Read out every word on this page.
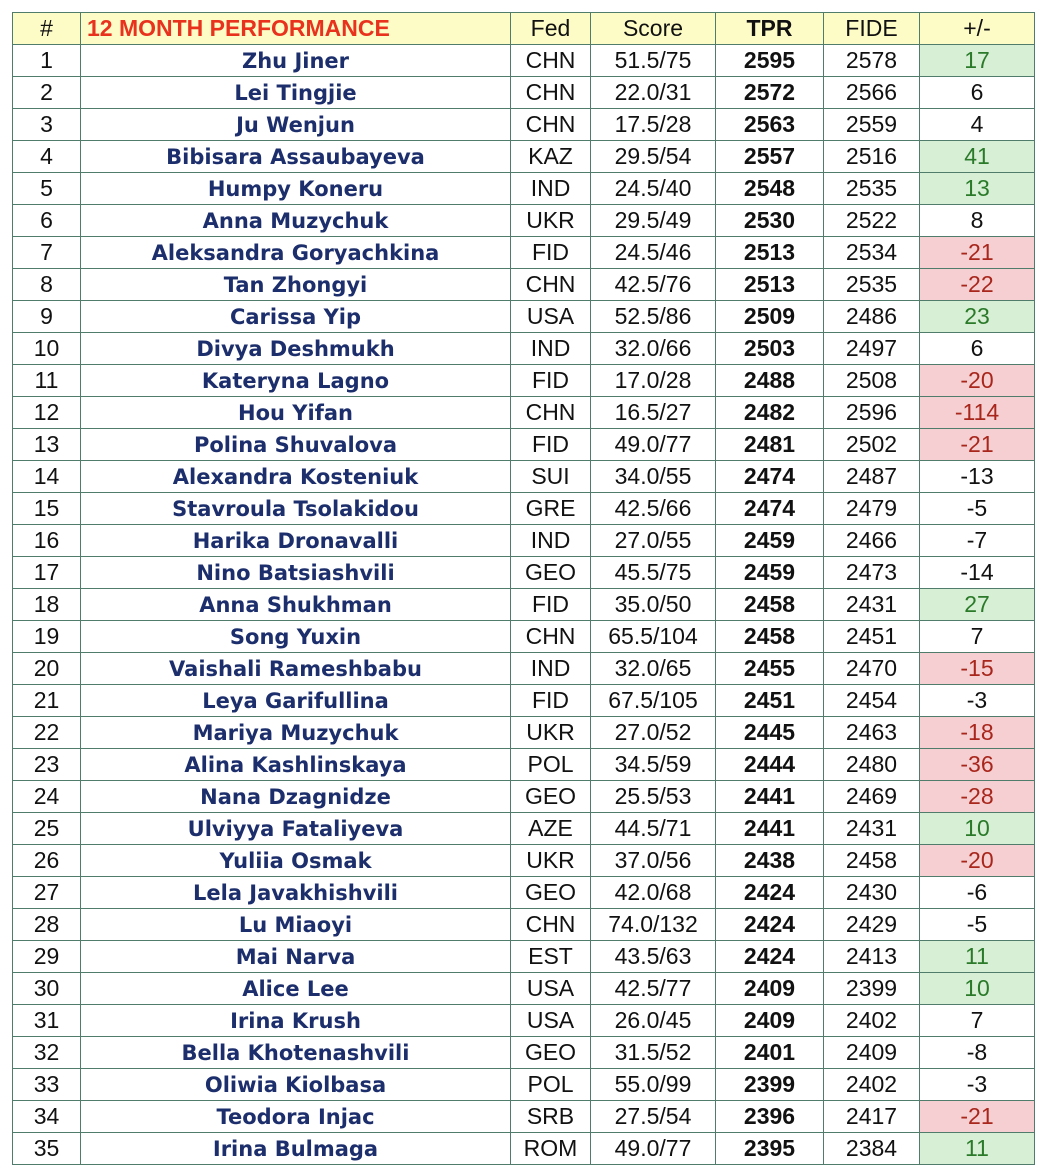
#	12 MONTH PERFORMANCE	Fed	Score	TPR	FIDE	+/-
1	Zhu Jiner	CHN	51.5/75	2595	2578	17
2	Lei Tingjie	CHN	22.0/31	2572	2566	6
3	Ju Wenjun	CHN	17.5/28	2563	2559	4
4	Bibisara Assaubayeva	KAZ	29.5/54	2557	2516	41
5	Humpy Koneru	IND	24.5/40	2548	2535	13
6	Anna Muzychuk	UKR	29.5/49	2530	2522	8
7	Aleksandra Goryachkina	FID	24.5/46	2513	2534	-21
8	Tan Zhongyi	CHN	42.5/76	2513	2535	-22
9	Carissa Yip	USA	52.5/86	2509	2486	23
10	Divya Deshmukh	IND	32.0/66	2503	2497	6
11	Kateryna Lagno	FID	17.0/28	2488	2508	-20
12	Hou Yifan	CHN	16.5/27	2482	2596	-114
13	Polina Shuvalova	FID	49.0/77	2481	2502	-21
14	Alexandra Kosteniuk	SUI	34.0/55	2474	2487	-13
15	Stavroula Tsolakidou	GRE	42.5/66	2474	2479	-5
16	Harika Dronavalli	IND	27.0/55	2459	2466	-7
17	Nino Batsiashvili	GEO	45.5/75	2459	2473	-14
18	Anna Shukhman	FID	35.0/50	2458	2431	27
19	Song Yuxin	CHN	65.5/104	2458	2451	7
20	Vaishali Rameshbabu	IND	32.0/65	2455	2470	-15
21	Leya Garifullina	FID	67.5/105	2451	2454	-3
22	Mariya Muzychuk	UKR	27.0/52	2445	2463	-18
23	Alina Kashlinskaya	POL	34.5/59	2444	2480	-36
24	Nana Dzagnidze	GEO	25.5/53	2441	2469	-28
25	Ulviyya Fataliyeva	AZE	44.5/71	2441	2431	10
26	Yuliia Osmak	UKR	37.0/56	2438	2458	-20
27	Lela Javakhishvili	GEO	42.0/68	2424	2430	-6
28	Lu Miaoyi	CHN	74.0/132	2424	2429	-5
29	Mai Narva	EST	43.5/63	2424	2413	11
30	Alice Lee	USA	42.5/77	2409	2399	10
31	Irina Krush	USA	26.0/45	2409	2402	7
32	Bella Khotenashvili	GEO	31.5/52	2401	2409	-8
33	Oliwia Kiolbasa	POL	55.0/99	2399	2402	-3
34	Teodora Injac	SRB	27.5/54	2396	2417	-21
35	Irina Bulmaga	ROM	49.0/77	2395	2384	11
